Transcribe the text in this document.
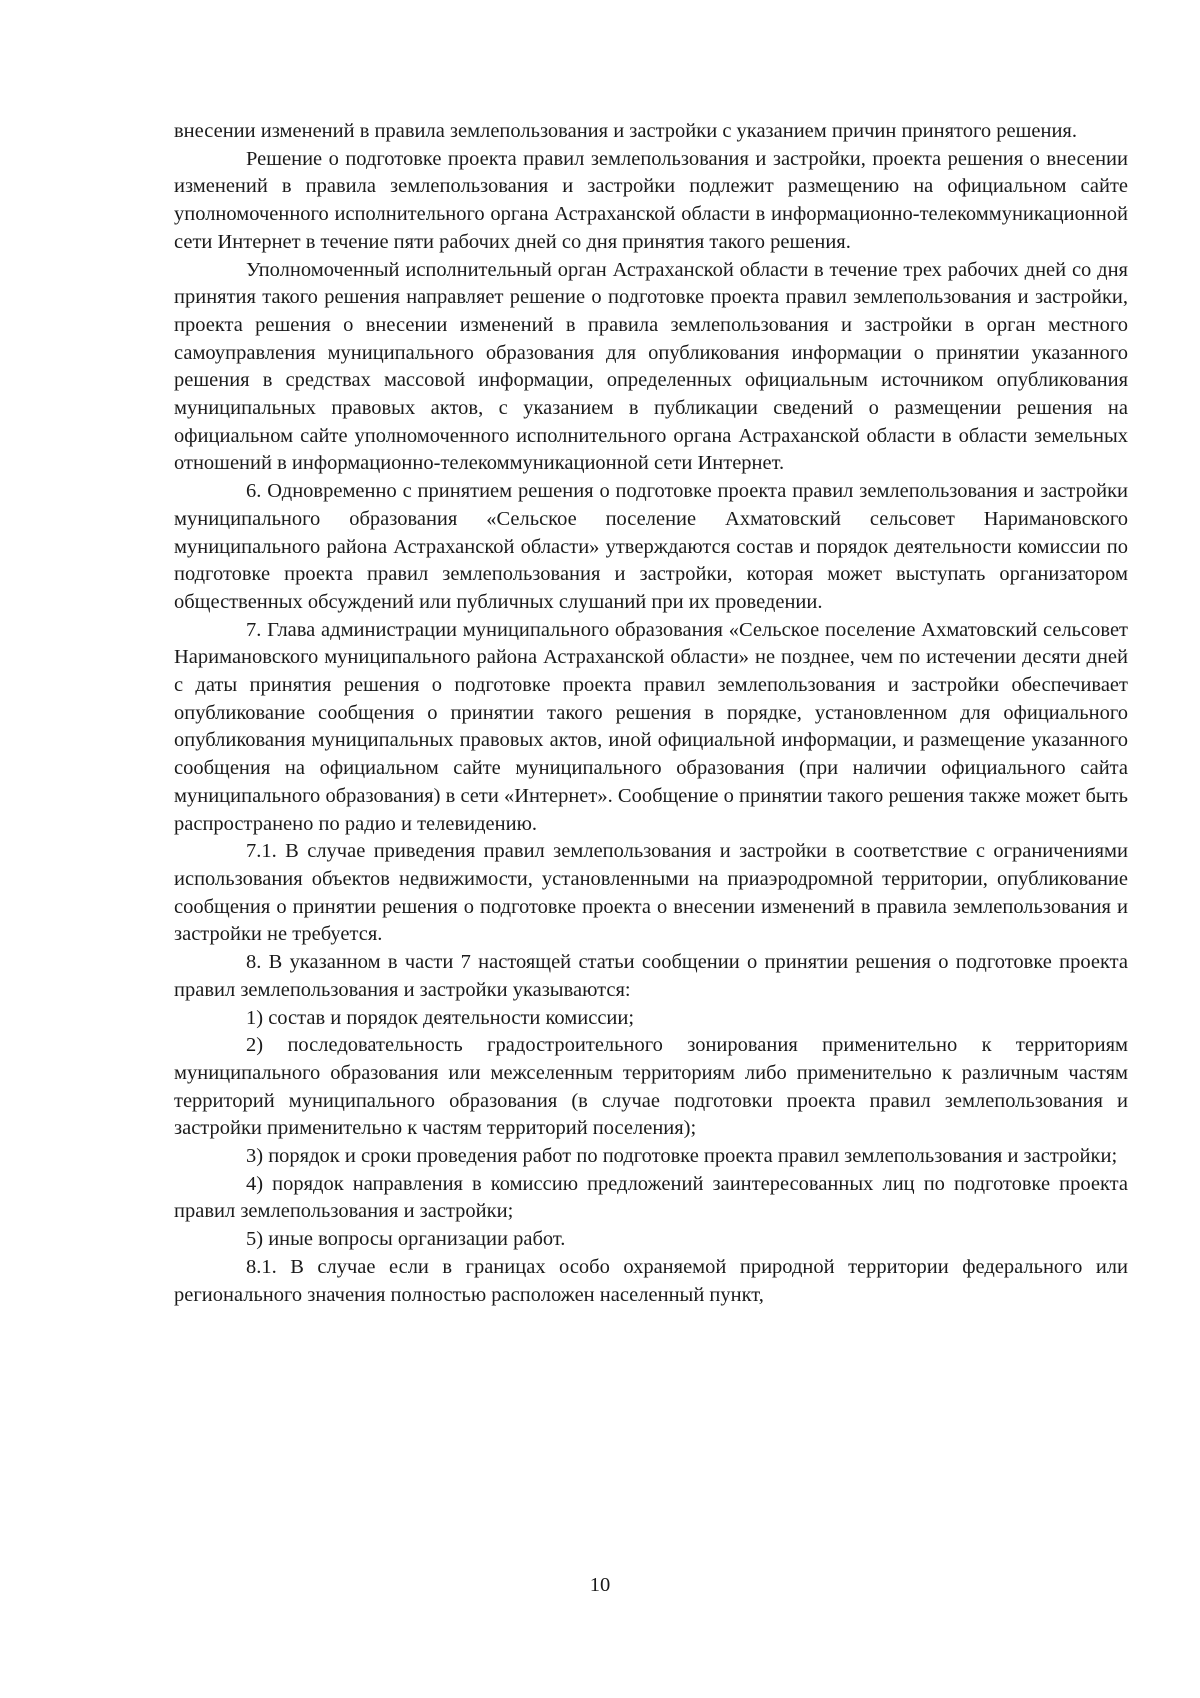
внесении изменений в правила землепользования и застройки с указанием причин принятого решения.

Решение о подготовке проекта правил землепользования и застройки, проекта решения о внесении изменений в правила землепользования и застройки подлежит размещению на официальном сайте уполномоченного исполнительного органа Астраханской области в информационно-телекоммуникационной сети Интернет в течение пяти рабочих дней со дня принятия такого решения.

Уполномоченный исполнительный орган Астраханской области в течение трех рабочих дней со дня принятия такого решения направляет решение о подготовке проекта правил землепользования и застройки, проекта решения о внесении изменений в правила землепользования и застройки в орган местного самоуправления муниципального образования для опубликования информации о принятии указанного решения в средствах массовой информации, определенных официальным источником опубликования муниципальных правовых актов, с указанием в публикации сведений о размещении решения на официальном сайте уполномоченного исполнительного органа Астраханской области в области земельных отношений в информационно-телекоммуникационной сети Интернет.

6. Одновременно с принятием решения о подготовке проекта правил землепользования и застройки муниципального образования «Сельское поселение Ахматовский сельсовет Наримановского муниципального района Астраханской области» утверждаются состав и порядок деятельности комиссии по подготовке проекта правил землепользования и застройки, которая может выступать организатором общественных обсуждений или публичных слушаний при их проведении.

7. Глава администрации муниципального образования «Сельское поселение Ахматовский сельсовет Наримановского муниципального района Астраханской области» не позднее, чем по истечении десяти дней с даты принятия решения о подготовке проекта правил землепользования и застройки обеспечивает опубликование сообщения о принятии такого решения в порядке, установленном для официального опубликования муниципальных правовых актов, иной официальной информации, и размещение указанного сообщения на официальном сайте муниципального образования (при наличии официального сайта муниципального образования) в сети «Интернет». Сообщение о принятии такого решения также может быть распространено по радио и телевидению.

7.1. В случае приведения правил землепользования и застройки в соответствие с ограничениями использования объектов недвижимости, установленными на приаэродромной территории, опубликование сообщения о принятии решения о подготовке проекта о внесении изменений в правила землепользования и застройки не требуется.

8. В указанном в части 7 настоящей статьи сообщении о принятии решения о подготовке проекта правил землепользования и застройки указываются:

1) состав и порядок деятельности комиссии;

2) последовательность градостроительного зонирования применительно к территориям муниципального образования или межселенным территориям либо применительно к различным частям территорий муниципального образования (в случае подготовки проекта правил землепользования и застройки применительно к частям территорий поселения);

3) порядок и сроки проведения работ по подготовке проекта правил землепользования и застройки;

4) порядок направления в комиссию предложений заинтересованных лиц по подготовке проекта правил землепользования и застройки;

5) иные вопросы организации работ.

8.1. В случае если в границах особо охраняемой природной территории федерального или регионального значения полностью расположен населенный пункт,

10
